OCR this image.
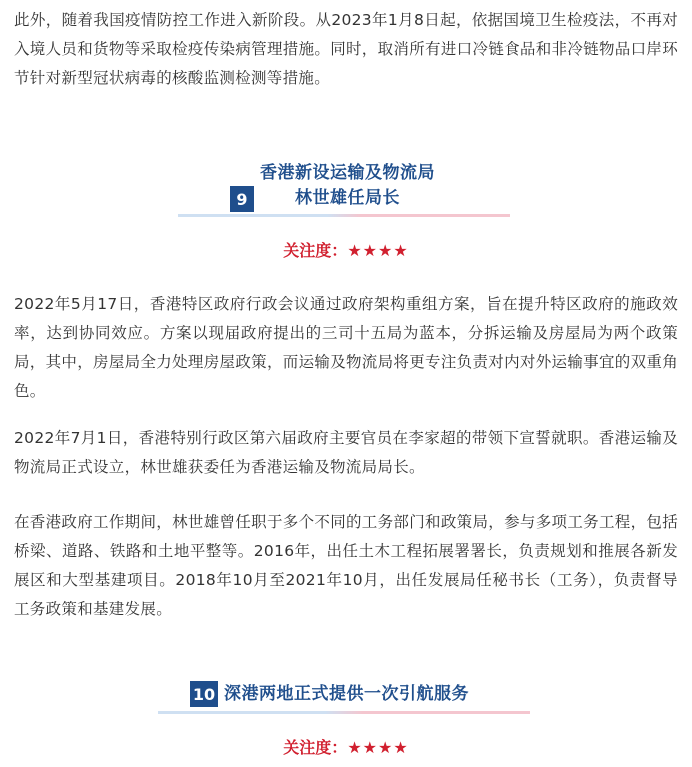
此外，随着我国疫情防控工作进入新阶段。从2023年1月8日起，依据国境卫生检疫法，不再对入境人员和货物等采取检疫传染病管理措施。同时，取消所有进口冷链食品和非冷链物品口岸环节针对新型冠状病毒的核酸监测检测等措施。

9
香港新设运输及物流局
林世雄任局长
关注度：★★★★

2022年5月17日，香港特区政府行政会议通过政府架构重组方案，旨在提升特区政府的施政效率，达到协同效应。方案以现届政府提出的三司十五局为蓝本，分拆运输及房屋局为两个政策局，其中，房屋局全力处理房屋政策，而运输及物流局将更专注负责对内对外运输事宜的双重角色。

2022年7月1日，香港特别行政区第六届政府主要官员在李家超的带领下宣誓就职。香港运输及物流局正式设立，林世雄获委任为香港运输及物流局局长。

在香港政府工作期间，林世雄曾任职于多个不同的工务部门和政策局，参与多项工务工程，包括桥梁、道路、铁路和土地平整等。2016年，出任土木工程拓展署署长，负责规划和推展各新发展区和大型基建项目。2018年10月至2021年10月，出任发展局任秘书长（工务），负责督导工务政策和基建发展。

10 深港两地正式提供一次引航服务
关注度：★★★★
